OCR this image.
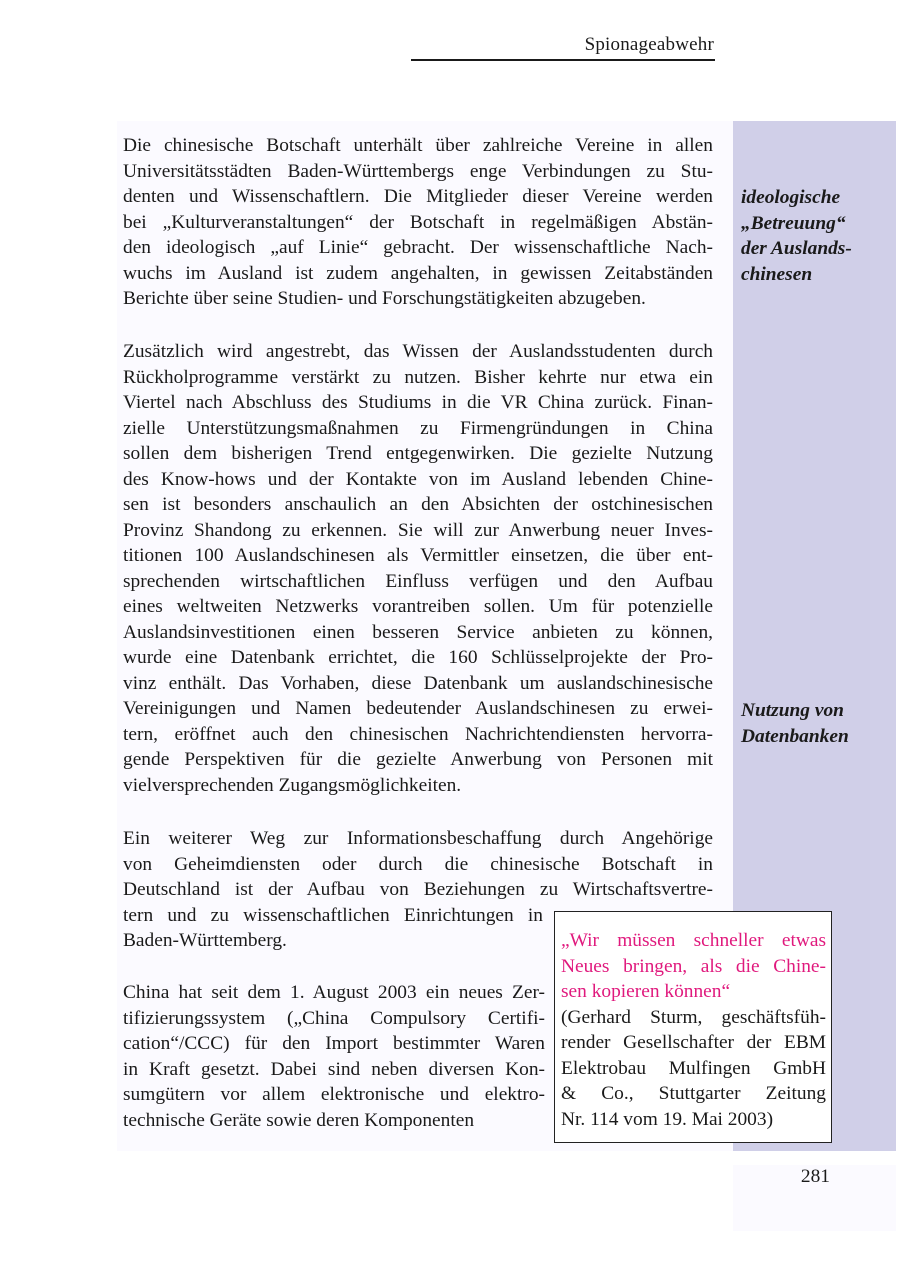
Spionageabwehr
Die chinesische Botschaft unterhält über zahlreiche Vereine in allen
Universitätsstädten Baden-Württembergs enge Verbindungen zu Stu-
denten und Wissenschaftlern. Die Mitglieder dieser Vereine werden
bei „Kulturveranstaltungen“ der Botschaft in regelmäßigen Abstän-
den ideologisch „auf Linie“ gebracht. Der wissenschaftliche Nach-
wuchs im Ausland ist zudem angehalten, in gewissen Zeitabständen
Berichte über seine Studien- und Forschungstätigkeiten abzugeben.
Zusätzlich wird angestrebt, das Wissen der Auslandsstudenten durch
Rückholprogramme verstärkt zu nutzen. Bisher kehrte nur etwa ein
Viertel nach Abschluss des Studiums in die VR China zurück. Finan-
zielle Unterstützungsmaßnahmen zu Firmengründungen in China
sollen dem bisherigen Trend entgegenwirken. Die gezielte Nutzung
des Know-hows und der Kontakte von im Ausland lebenden Chine-
sen ist besonders anschaulich an den Absichten der ostchinesischen
Provinz Shandong zu erkennen. Sie will zur Anwerbung neuer Inves-
titionen 100 Auslandschinesen als Vermittler einsetzen, die über ent-
sprechenden wirtschaftlichen Einfluss verfügen und den Aufbau
eines weltweiten Netzwerks vorantreiben sollen. Um für potenzielle
Auslandsinvestitionen einen besseren Service anbieten zu können,
wurde eine Datenbank errichtet, die 160 Schlüsselprojekte der Pro-
vinz enthält. Das Vorhaben, diese Datenbank um auslandschinesische
Vereinigungen und Namen bedeutender Auslandschinesen zu erwei-
tern, eröffnet auch den chinesischen Nachrichtendiensten hervorra-
gende Perspektiven für die gezielte Anwerbung von Personen mit
vielversprechenden Zugangsmöglichkeiten.
Ein weiterer Weg zur Informationsbeschaffung durch Angehörige
von Geheimdiensten oder durch die chinesische Botschaft in
Deutschland ist der Aufbau von Beziehungen zu Wirtschaftsvertre-
tern und zu wissenschaftlichen Einrichtungen in
Baden-Württemberg.
China hat seit dem 1. August 2003 ein neues Zer-
tifizierungssystem („China Compulsory Certifi-
cation“/CCC) für den Import bestimmter Waren
in Kraft gesetzt. Dabei sind neben diversen Kon-
sumgütern vor allem elektronische und elektro-
technische Geräte sowie deren Komponenten
ideologische
„Betreuung“
der Auslands-
chinesen
Nutzung von
Datenbanken
„Wir müssen schneller etwas
Neues bringen, als die Chine-
sen kopieren können“
(Gerhard Sturm, geschäftsfüh-
render Gesellschafter der EBM
Elektrobau Mulfingen GmbH
& Co., Stuttgarter Zeitung
Nr. 114 vom 19. Mai 2003)
281
